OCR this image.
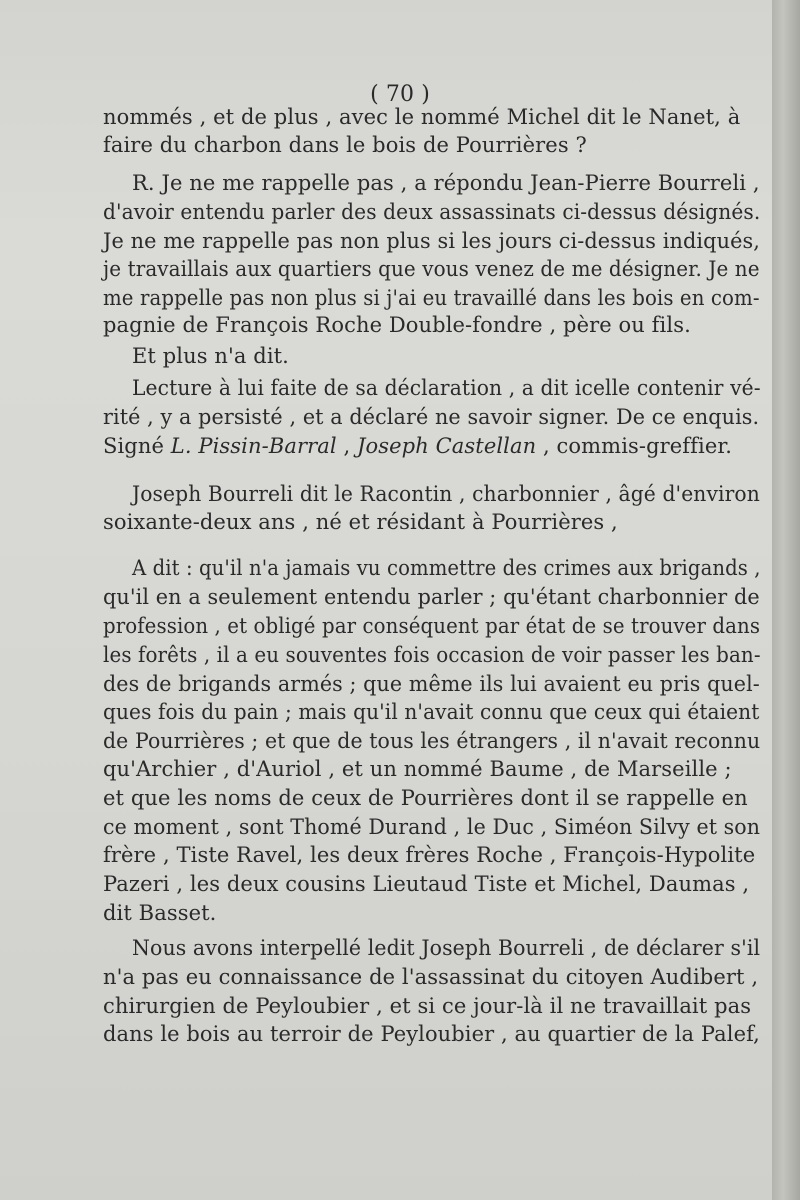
( 70 )
nommés , et de plus , avec le nommé Michel dit le Nanet, à
faire du charbon dans le bois de Pourrières ?
R. Je ne me rappelle pas , a répondu Jean-Pierre Bourreli ,
d'avoir entendu parler des deux assassinats ci-dessus désignés.
Je ne me rappelle pas non plus si les jours ci-dessus indiqués,
je travaillais aux quartiers que vous venez de me désigner. Je ne
me rappelle pas non plus si j'ai eu travaillé dans les bois en com-
pagnie de François Roche Double-fondre , père ou fils.
Et plus n'a dit.
Lecture à lui faite de sa déclaration , a dit icelle contenir vé-
rité , y a persisté , et a déclaré ne savoir signer. De ce enquis.
Signé L. Pissin-Barral , Joseph Castellan , commis-greffier.
Joseph Bourreli dit le Racontin , charbonnier , âgé d'environ
soixante-deux ans , né et résidant à Pourrières ,
A dit : qu'il n'a jamais vu commettre des crimes aux brigands ,
qu'il en a seulement entendu parler ; qu'étant charbonnier de
profession , et obligé par conséquent par état de se trouver dans
les forêts , il a eu souventes fois occasion de voir passer les ban-
des de brigands armés ; que même ils lui avaient eu pris quel-
ques fois du pain ; mais qu'il n'avait connu que ceux qui étaient
de Pourrières ; et que de tous les étrangers , il n'avait reconnu
qu'Archier , d'Auriol , et un nommé Baume , de Marseille ;
et que les noms de ceux de Pourrières dont il se rappelle en
ce moment , sont Thomé Durand , le Duc , Siméon Silvy et son
frère , Tiste Ravel, les deux frères Roche , François-Hypolite
Pazeri , les deux cousins Lieutaud Tiste et Michel, Daumas ,
dit Basset.
Nous avons interpellé ledit Joseph Bourreli , de déclarer s'il
n'a pas eu connaissance de l'assassinat du citoyen Audibert ,
chirurgien de Peyloubier , et si ce jour-là il ne travaillait pas
dans le bois au terroir de Peyloubier , au quartier de la Palef,
